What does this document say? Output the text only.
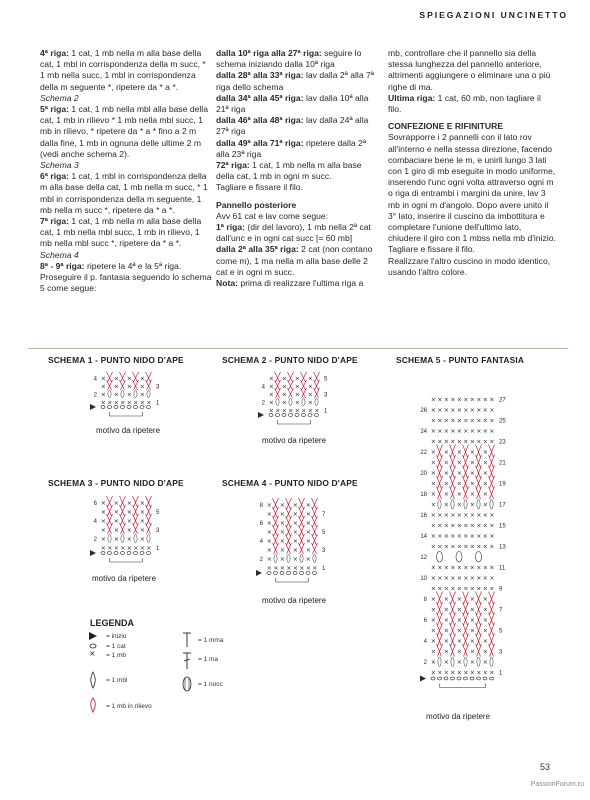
SPIEGAZIONI UNCINETTO

4ª riga: 1 cat, 1 mb nella m alla base della cat, 1 mbl in corrispondenza della m succ, * 1 mb nella succ, 1 mbl in corrispondenza della m seguente *, ripetere da * a *.

Schema 2

5ª riga: 1 cat, 1 mb nella mbl alla base della cat, 1 mb in rilievo * 1 mb nella mbl succ, 1 mb in rilievo, * ripetere da * a * fino a 2 m dalla fine, 1 mb in ognuna delle ultime 2 m (vedi anche schema 2).

Schema 3

6ª riga: 1 cat, 1 mbl in corrispondenza della m alla base della cat, 1 mb nella m succ, * 1 mbl in corrispondenza della m seguente, 1 mb nella m succ *, ripetere da * a *.

7ª riga: 1 cat, 1 mb nella m alla base della cat, 1 mb nella mbl succ, 1 mb in rilievo, 1 mb nella mbl succ *, ripetere da * a *.

Schema 4

8ª - 9ª riga: ripetere la 4ª e la 5ª riga.

Proseguire il p. fantasia seguendo lo schema 5 come segue:

dalla 10ª riga alla 27ª riga: seguire lo schema iniziando dalla 10ª riga

dalla 28ª alla 33ª riga: lav dalla 2ª alla 7ª riga dello schema

dalla 34ª alla 45ª riga: lav dalla 10ª alla 21ª riga

dalla 46ª alla 48ª riga: lav dalla 24ª alla 27ª riga

dalla 49ª alla 71ª riga: ripetere dalla 2ª alla 23ª riga

72ª riga: 1 cat, 1 mb nella m alla base della cat, 1 mb in ogni m succ.

Tagliare e fissare il filo.

Pannello posteriore

Avv 61 cat e lav come segue:

1ª riga: (dir del lavoro), 1 mb nella 2ª cat dall'unc e in ogni cat succ [= 60 mb]

dalla 2ª alla 35ª riga: 2 cat (non contano come m), 1 ma nella m alla base delle 2 cat e in ogni m succ.

Nota: prima di realizzare l'ultima riga a

mb, controllare che il pannello sia della stessa lunghezza del pannello anteriore, altrimenti aggiungere o eliminare una o più righe di ma.

Ultima riga: 1 cat, 60 mb, non tagliare il filo.

CONFEZIONE E RIFINITURE

Sovrapporre i 2 pannelli con il lato rov all'interno e nella stessa direzione, facendo combaciare bene le m, e unirli lungo 3 lati con 1 giro di mb eseguite in modo uniforme, inserendo l'unc ogni volta attraverso ogni m o riga di entrambi i margini da unire, lav 3 mb in ogni m d'angolo. Dopo avere unito il 3° lato, inserire il cuscino da imbottitura e completare l'unione dell'ultimo lato, chiudere il giro con 1 mbss nella mb d'inizio.

Tagliare e fissare il filo.

Realizzare l'altro cuscino in modo identico, usando l'altro colore.

SCHEMA 1 - PUNTO NIDO D'APE	SCHEMA 2 - PUNTO NIDO D'APE	SCHEMA 5 - PUNTO FANTASIA
SCHEMA 3 - PUNTO NIDO D'APE	SCHEMA 4 - PUNTO NIDO D'APE
× × × × × × × ×
× × × ×
× × × ×
× × × ×
4
2
3
1
× × × × × × × ×
× × × ×
× × × ×
× × × ×
× × × ×
4
2
5
3
1
× × × × × × × ×
× × × ×
× × × ×
× × × ×
× × × ×
× × × ×
6
4
2
5
3
1
× × × × × × × ×
× × × ×
× × × ×
× × × ×
× × × ×
× × × ×
× × × ×
× × × ×
8
6
4
2
7
5
3
1
× × × × × × × × × ×
× × × × ×
× × × × ×
× × × × ×
× × × × ×
× × × × ×
× × × × ×
× × × × ×
× × × × × × × × × ×
× × × × × × × × × ×
× × × × × × × × × ×
× × × × × × × × × ×
× × × × × × × × × ×
× × × × × × × × × ×
× × × × × × × × × ×
× × × × ×
× × × × ×
× × × × ×
× × × × ×
× × × × ×
× × × × ×
× × × × × × × × × ×
× × × × × × × × × ×
× × × × × × × × × ×
× × × × × × × × × ×
× × × × × × × × × ×
26
24
22
20
18
16
14
12
10
8
6
4
2
27
25
23
21
19
17
15
13
11
9
7
5
3
1
motivo da ripetere
motivo da ripetere
motivo da ripetere
motivo da ripetere
motivo da ripetere
LEGENDA
×
= inizio
= 1 cat
= 1 mb
= 1 mbl
= 1 mb in rilievo
= 1 mma
= 1 ma
= 1 nocc
53
PassionForum.ru
